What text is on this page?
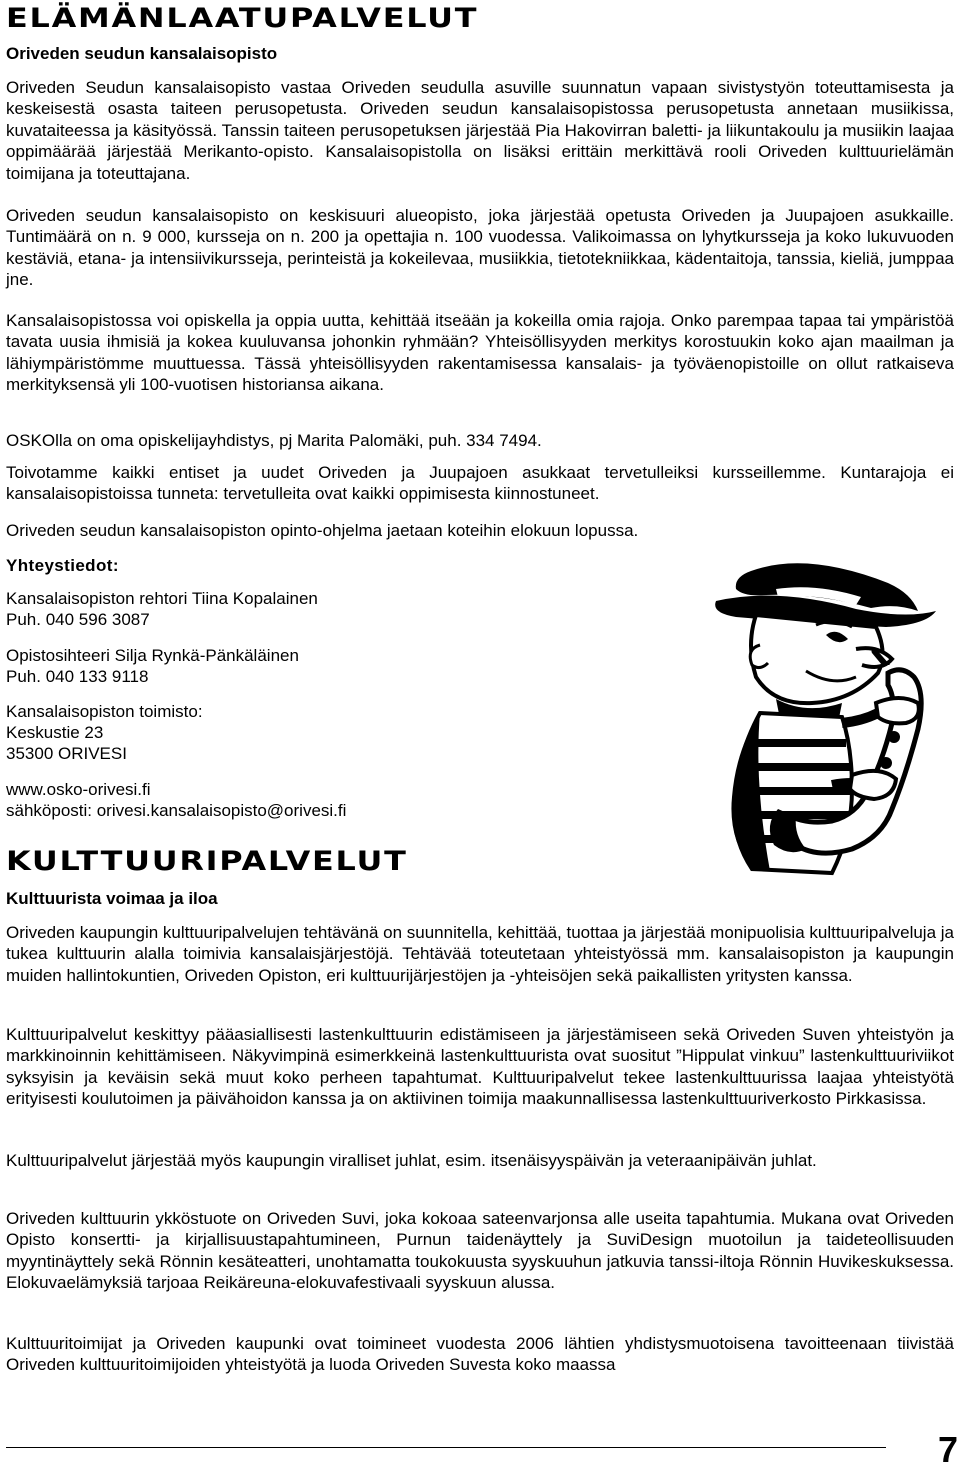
ELÄMÄNLAATUPALVELUT
Oriveden seudun kansalaisopisto

Oriveden Seudun kansalaisopisto vastaa Oriveden seudulla asuville suunnatun vapaan sivistystyön toteuttamisesta ja keskeisestä osasta taiteen perusopetusta. Oriveden seudun kansalaisopistossa perusopetusta annetaan musiikissa, kuvataiteessa ja käsityössä. Tanssin taiteen perusopetuksen järjestää Pia Hakovirran baletti- ja liikuntakoulu ja musiikin laajaa oppimäärää järjestää Merikanto-opisto. Kansalaisopistolla on lisäksi erittäin merkittävä rooli Oriveden kulttuurielämän toimijana ja toteuttajana.

Oriveden seudun kansalaisopisto on keskisuuri alueopisto, joka järjestää opetusta Oriveden ja Juupajoen asukkaille. Tuntimäärä on n. 9 000, kursseja on n. 200 ja opettajia n. 100 vuodessa. Valikoimassa on lyhytkursseja ja koko lukuvuoden kestäviä, etana- ja intensiivikursseja, perinteistä ja kokeilevaa, musiikkia, tietotekniikkaa, kädentaitoja, tanssia, kieliä, jumppaa jne.

Kansalaisopistossa voi opiskella ja oppia uutta, kehittää itseään ja kokeilla omia rajoja. Onko parempaa tapaa tai ympäristöä tavata uusia ihmisiä ja kokea kuuluvansa johonkin ryhmään? Yhteisöllisyyden merkitys korostuukin koko ajan maailman ja lähiympäristömme muuttuessa. Tässä yhteisöllisyyden rakentamisessa kansalais- ja työväenopistoille on ollut ratkaiseva merkityksensä yli 100-vuotisen historiansa aikana.

OSKOlla on oma opiskelijayhdistys, pj Marita Palomäki, puh. 334 7494.

Toivotamme kaikki entiset ja uudet Oriveden ja Juupajoen asukkaat tervetulleiksi kursseillemme. Kuntarajoja ei kansalaisopistoissa tunneta: tervetulleita ovat kaikki oppimisesta kiinnostuneet.

Oriveden seudun kansalaisopiston opinto-ohjelma jaetaan koteihin elokuun lopussa.

Yhteystiedot:

Kansalaisopiston rehtori Tiina Kopalainen
Puh. 040 596 3087

Opistosihteeri Silja Rynkä-Pänkäläinen
Puh. 040 133 9118

Kansalaisopiston toimisto:
Keskustie 23
35300 ORIVESI

www.osko-orivesi.fi
sähköposti: orivesi.kansalaisopisto@orivesi.fi

KULTTUURIPALVELUT
Kulttuurista voimaa ja iloa

Oriveden kaupungin kulttuuripalvelujen tehtävänä on suunnitella, kehittää, tuottaa ja järjestää monipuolisia kulttuuripalveluja ja tukea kulttuurin alalla toimivia kansalaisjärjestöjä. Tehtävää toteutetaan yhteistyössä mm. kansalaisopiston ja kaupungin muiden hallintokuntien, Oriveden Opiston, eri kulttuurijärjestöjen ja -yhteisöjen sekä paikallisten yritysten kanssa.

Kulttuuripalvelut keskittyy pääasiallisesti lastenkulttuurin edistämiseen ja järjestämiseen sekä Oriveden Suven yhteistyön ja markkinoinnin kehittämiseen. Näkyvimpinä esimerkkeinä lastenkulttuurista ovat suositut ”Hippulat vinkuu” lastenkulttuuriviikot syksyisin ja keväisin sekä muut koko perheen tapahtumat. Kulttuuripalvelut tekee lastenkulttuurissa laajaa yhteistyötä erityisesti koulutoimen ja päivähoidon kanssa ja on aktiivinen toimija maakunnallisessa lastenkulttuuriverkosto Pirkkasissa.

Kulttuuripalvelut järjestää myös kaupungin viralliset juhlat, esim. itsenäisyyspäivän ja veteraanipäivän juhlat.

Oriveden kulttuurin ykköstuote on Oriveden Suvi, joka kokoaa sateenvarjonsa alle useita tapahtumia. Mukana ovat Oriveden Opisto konsertti- ja kirjallisuustapahtumineen, Purnun taidenäyttely ja SuviDesign muotoilun ja taideteollisuuden myyntinäyttely sekä Rönnin kesäteatteri, unohtamatta toukokuusta syyskuuhun jatkuvia tanssi-iltoja Rönnin Huvikeskuksessa. Elokuvaelämyksiä tarjoaa Reikäreuna-elokuvafestivaali syyskuun alussa.

Kulttuuritoimijat ja Oriveden kaupunki ovat toimineet vuodesta 2006 lähtien yhdistysmuotoisena tavoitteenaan tiivistää Oriveden kulttuuritoimijoiden yhteistyötä ja luoda Oriveden Suvesta koko maassa

7
